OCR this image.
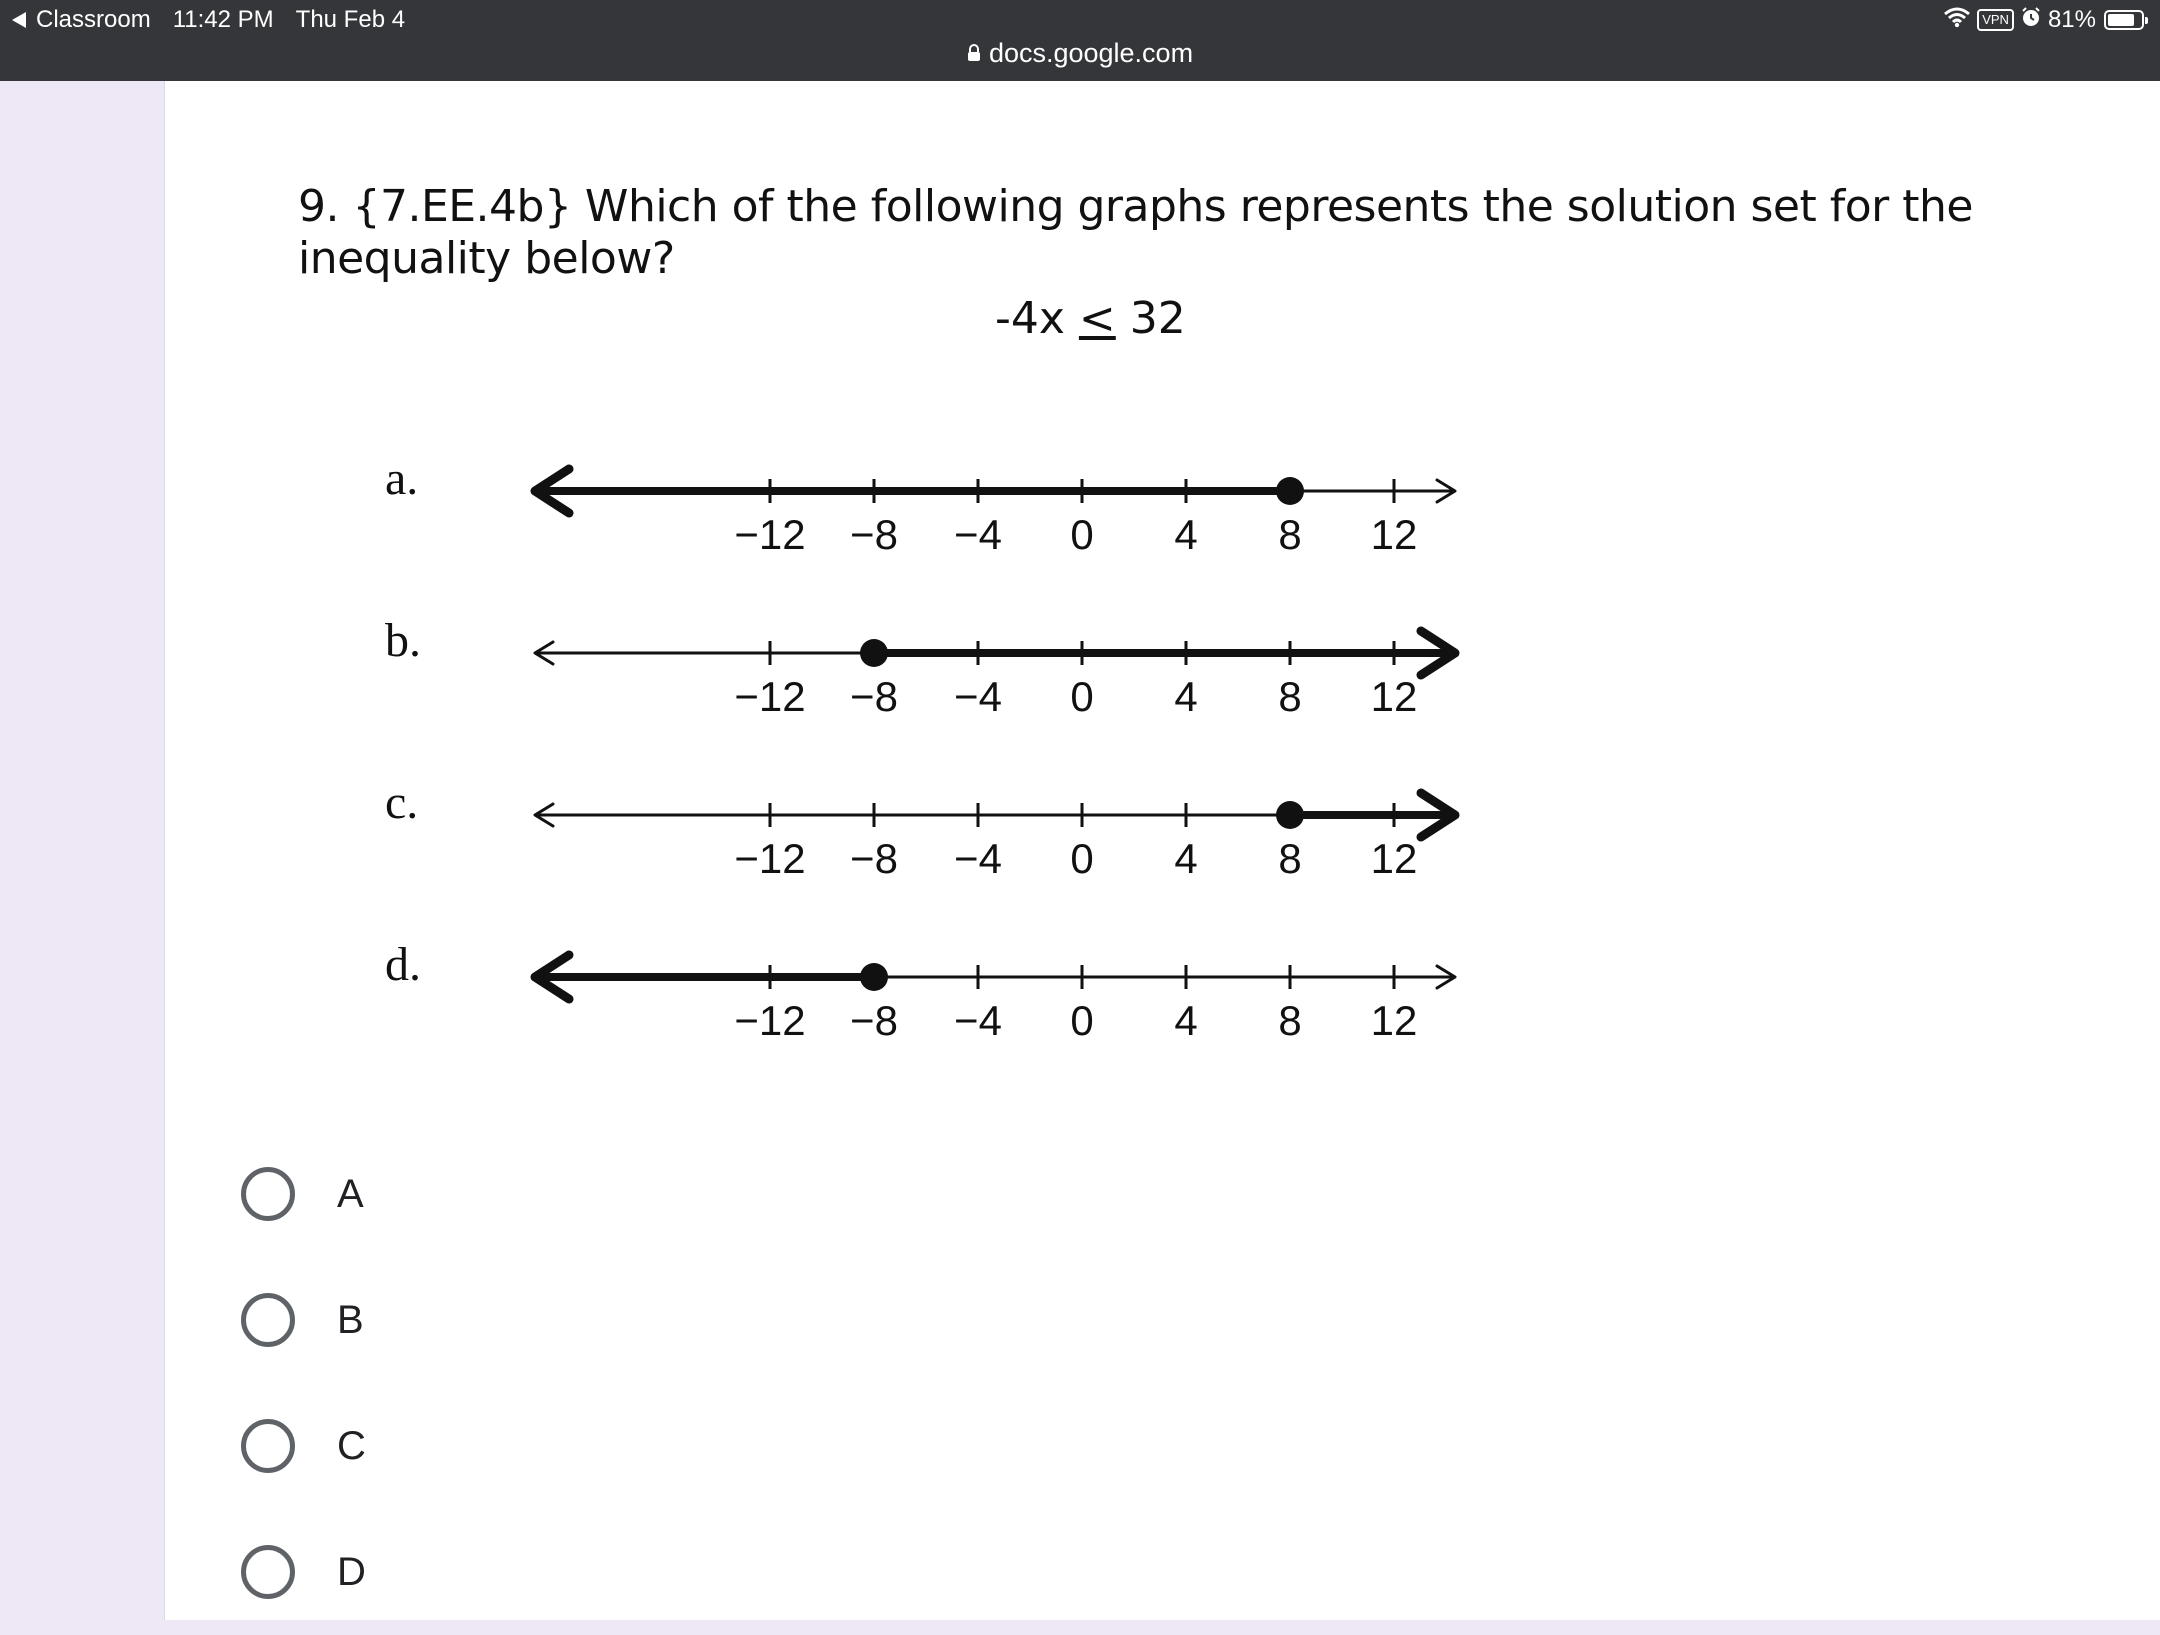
Classroom 11:42 PM Thu Feb 4	VPN 81%
docs.google.com
9. {7.EE.4b} Which of the following graphs represents the solution set for the inequality below?
-4x < 32
a.
−12 −8 −4 0 4 8 12
b.
−12 −8 −4 0 4 8 12
c.
−12 −8 −4 0 4 8 12
d.
−12 −8 −4 0 4 8 12
A
B
C
D
